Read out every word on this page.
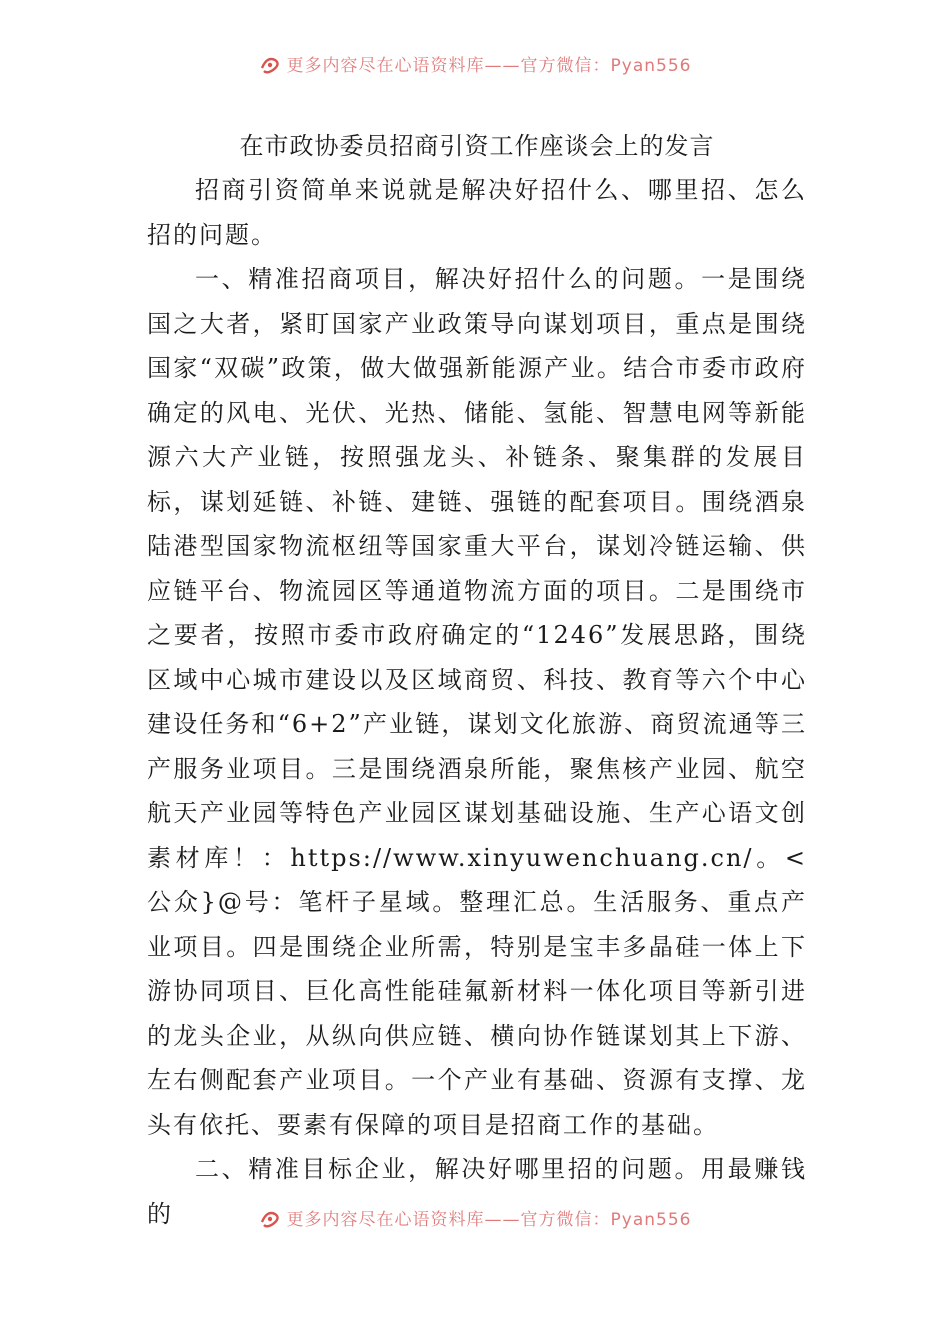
更多内容尽在心语资料库——官方微信：Pyan556
在市政协委员招商引资工作座谈会上的发言

招商引资简单来说就是解决好招什么、哪里招、怎么招的问题。

一、精准招商项目，解决好招什么的问题。一是围绕国之大者，紧盯国家产业政策导向谋划项目，重点是围绕国家“双碳”政策，做大做强新能源产业。结合市委市政府确定的风电、光伏、光热、储能、氢能、智慧电网等新能源六大产业链，按照强龙头、补链条、聚集群的发展目标，谋划延链、补链、建链、强链的配套项目。围绕酒泉陆港型国家物流枢纽等国家重大平台，谋划冷链运输、供应链平台、物流园区等通道物流方面的项目。二是围绕市之要者，按照市委市政府确定的“1246”发展思路，围绕区域中心城市建设以及区域商贸、科技、教育等六个中心建设任务和“6+2”产业链，谋划文化旅游、商贸流通等三产服务业项目。三是围绕酒泉所能，聚焦核产业园、航空航天产业园等特色产业园区谋划基础设施、生产心语文创素材库！：https://www.xinyuwenchuang.cn/。<公众}@号：笔杆子星域。整理汇总。生活服务、重点产业项目。四是围绕企业所需，特别是宝丰多晶硅一体上下游协同项目、巨化高性能硅氟新材料一体化项目等新引进的龙头企业，从纵向供应链、横向协作链谋划其上下游、左右侧配套产业项目。一个产业有基础、资源有支撑、龙头有依托、要素有保障的项目是招商工作的基础。

二、精准目标企业，解决好哪里招的问题。用最赚钱的	更多内容尽在心语资料库——官方微信：Pyan556
